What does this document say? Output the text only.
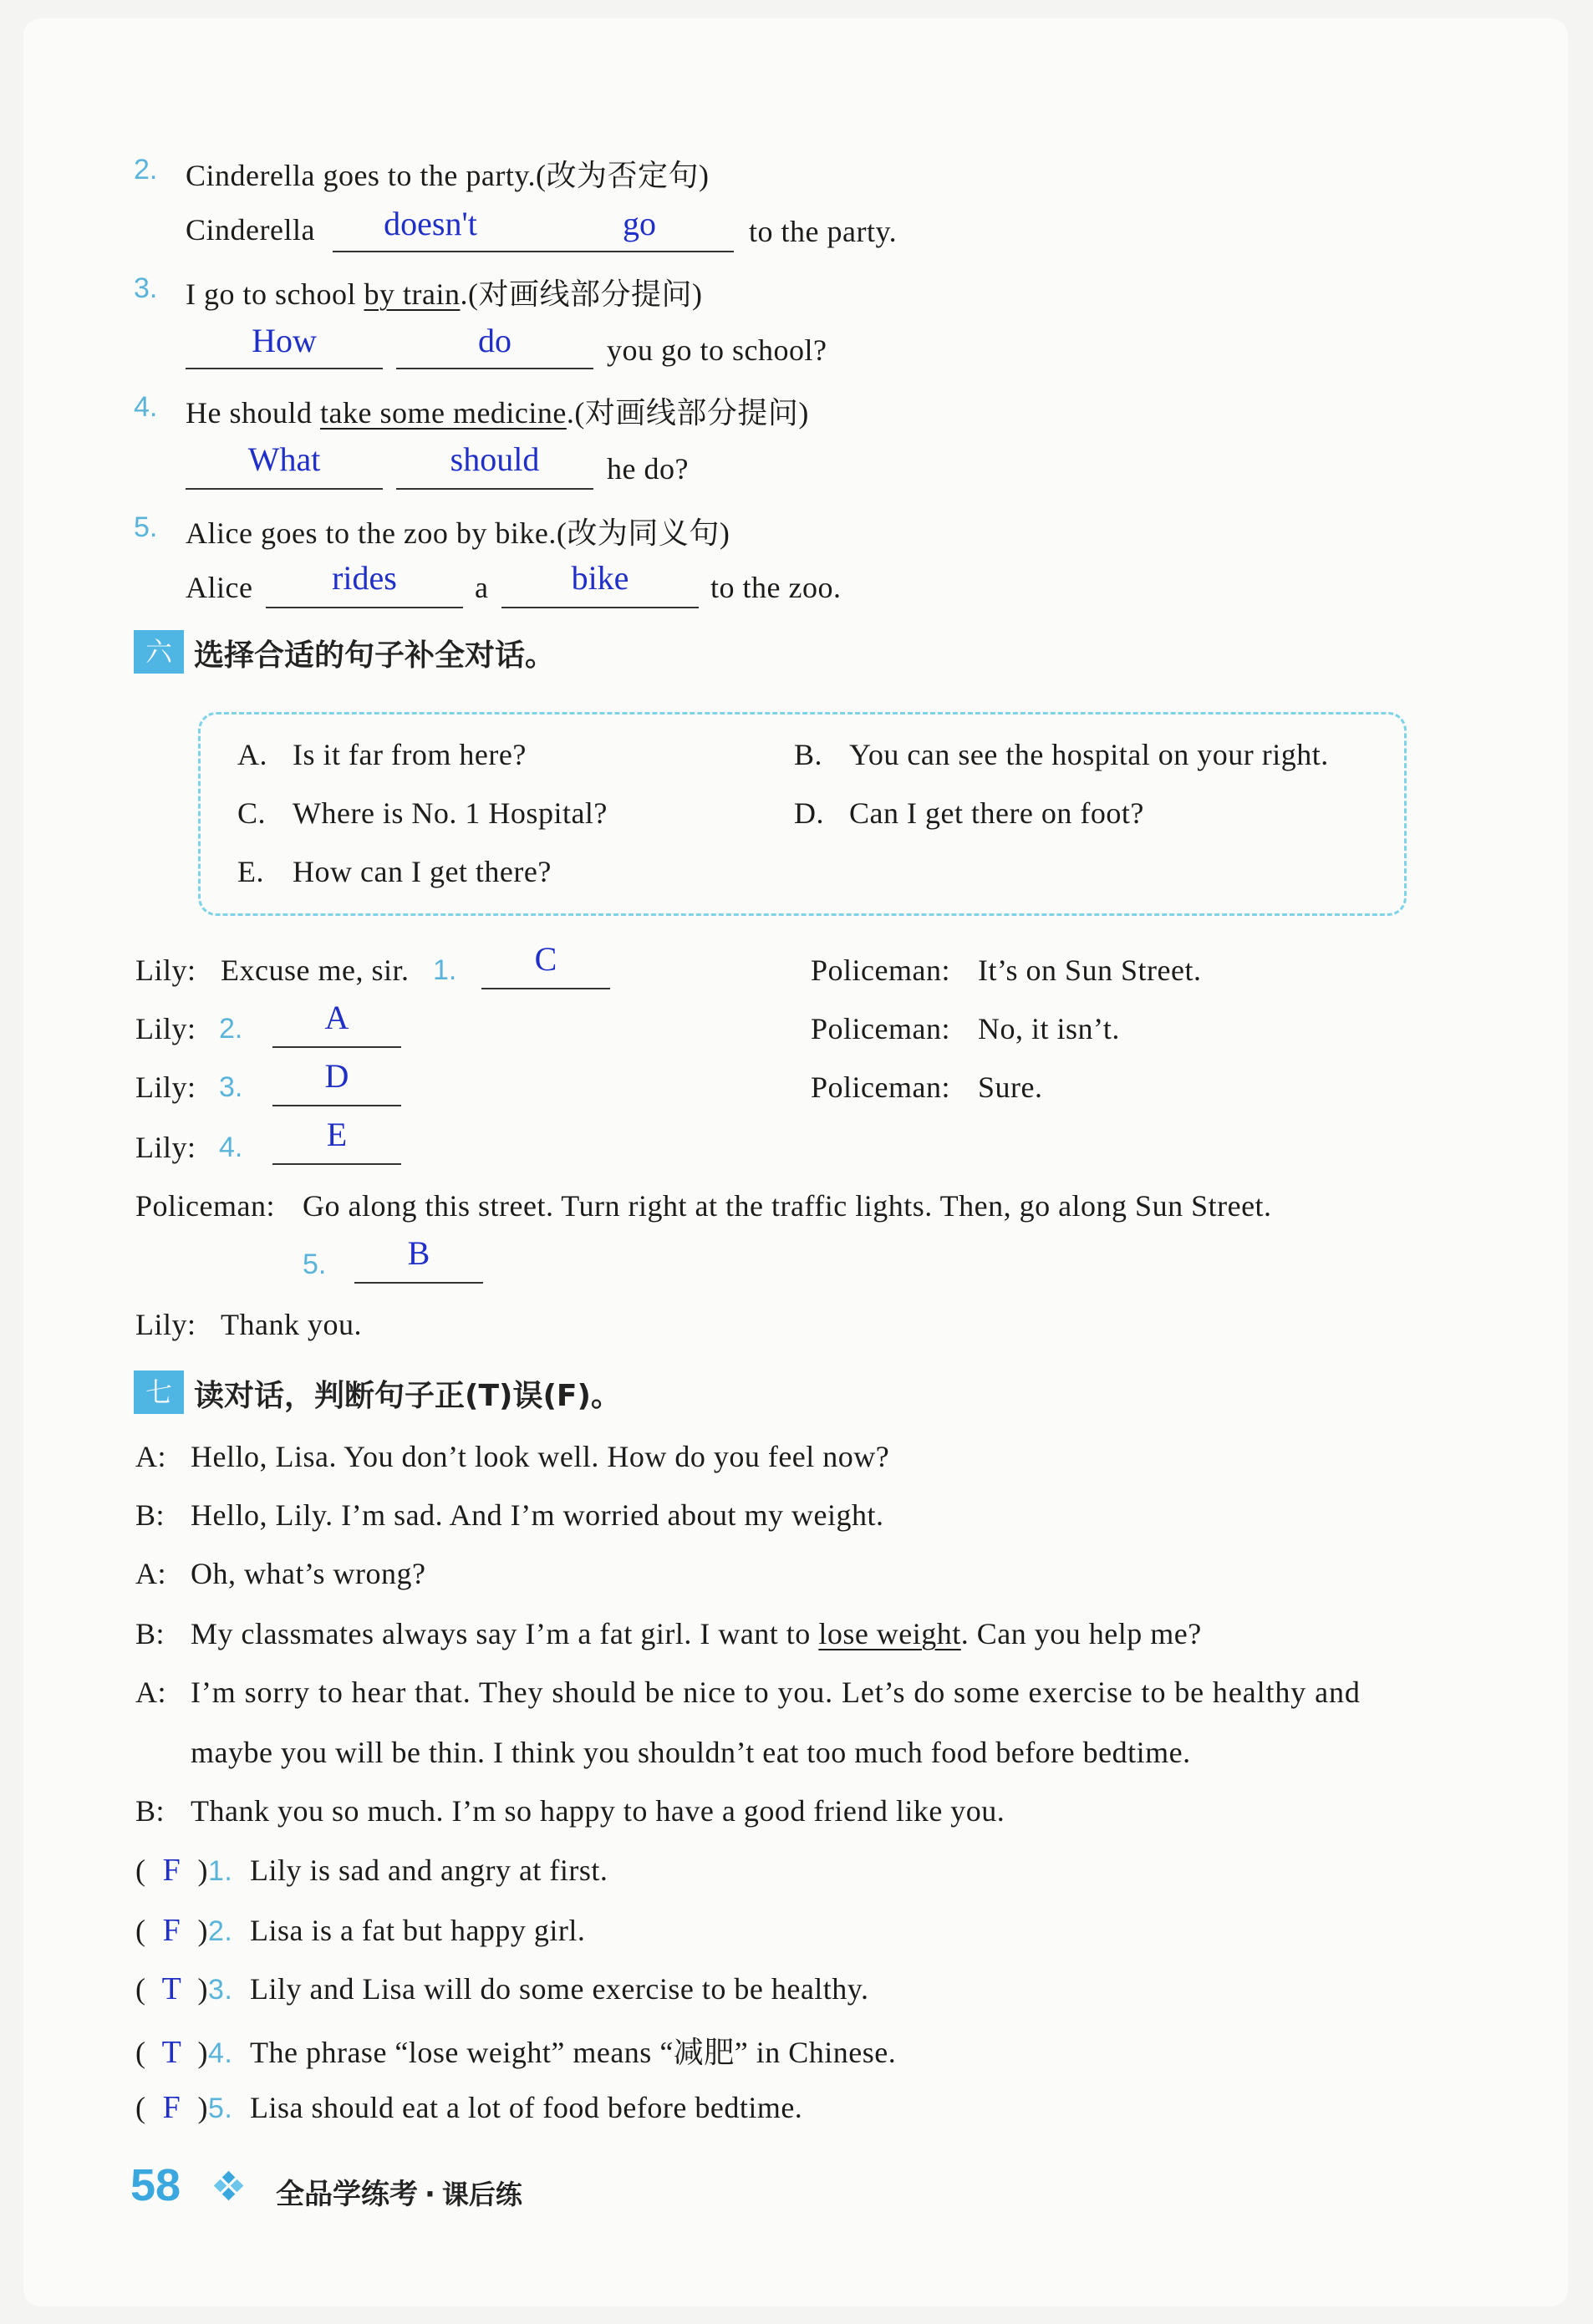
2. Cinderella goes to the party.(改为否定句)
Cinderella	doesn't	go	to the party.
3. I go to school by train.(对画线部分提问)
How	do	you go to school?
4. He should take some medicine.(对画线部分提问)
What	should	he do?
5. Alice goes to the zoo by bike.(改为同义句)
Alice	rides	a	bike	to the zoo.
六 选择合适的句子补全对话。
A. Is it far from here?	B. You can see the hospital on your right.
C. Where is No. 1 Hospital?	D. Can I get there on foot?
E. How can I get there?
Lily: Excuse me, sir. 1.	C	Policeman: It’s on Sun Street.
Lily: 2.	A	Policeman: No, it isn’t.
Lily: 3.	D	Policeman: Sure.
Lily: 4.	E
Policeman: Go along this street. Turn right at the traffic lights. Then, go along Sun Street.
5.	B
Lily: Thank you.
七 读对话，判断句子正(T)误(F)。
A: Hello, Lisa. You don’t look well. How do you feel now?
B: Hello, Lily. I’m sad. And I’m worried about my weight.
A: Oh, what’s wrong?
B: My classmates always say I’m a fat girl. I want to lose weight. Can you help me?
A: I’m sorry to hear that. They should be nice to you. Let’s do some exercise to be healthy and
maybe you will be thin. I think you shouldn’t eat too much food before bedtime.
B: Thank you so much. I’m so happy to have a good friend like you.
( F )1. Lily is sad and angry at first.
( F )2. Lisa is a fat but happy girl.
( T )3. Lily and Lisa will do some exercise to be healthy.
( T )4. The phrase “lose weight” means “减肥” in Chinese.
( F )5. Lisa should eat a lot of food before bedtime.
58	全品学练考 · 课后练
